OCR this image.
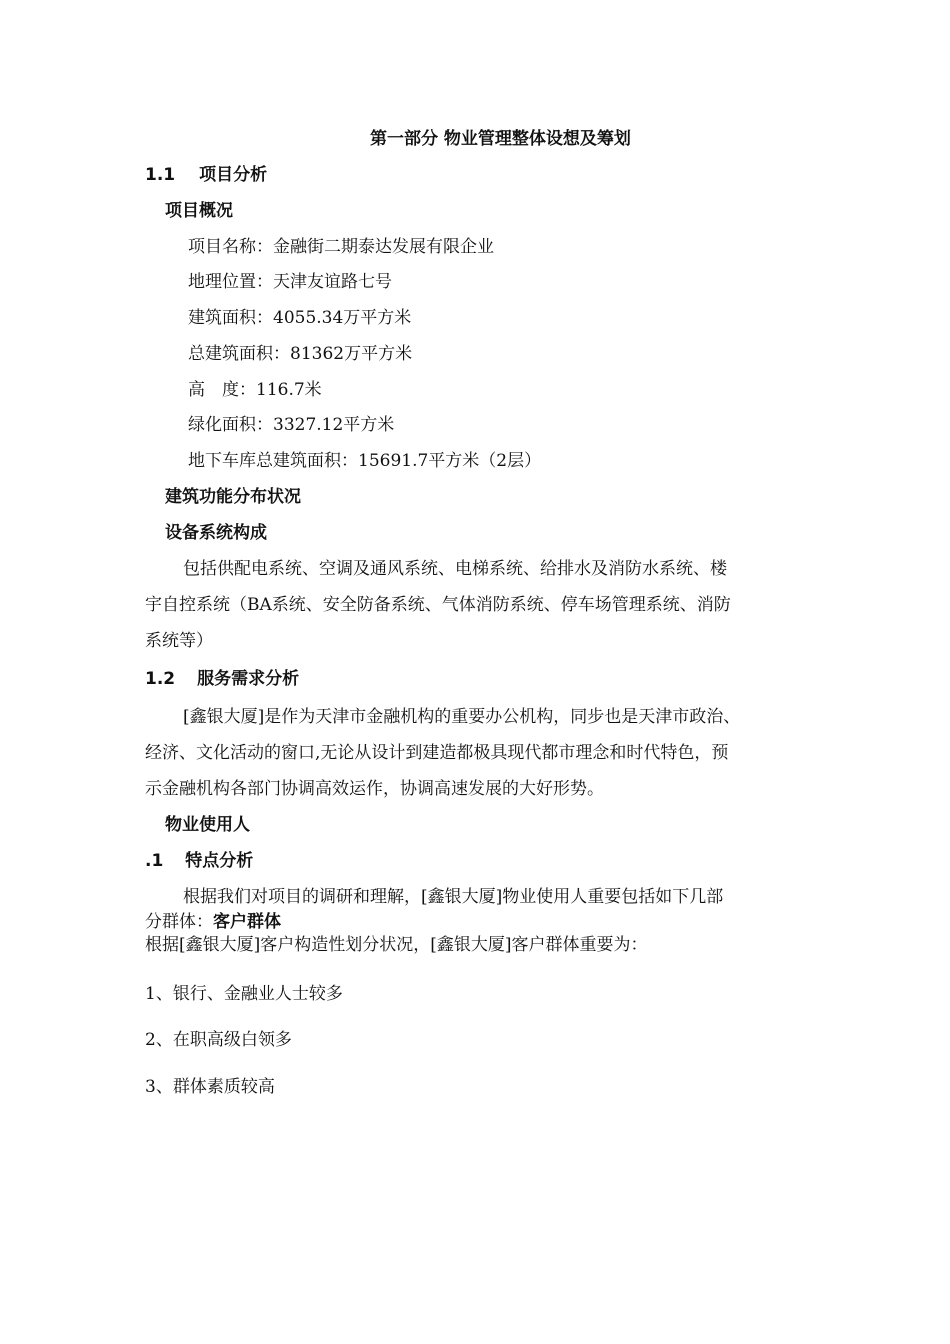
第一部分 物业管理整体设想及筹划
1.1 项目分析
项目概况
项目名称：金融街二期泰达发展有限企业
地理位置：天津友谊路七号
建筑面积：4055.34万平方米
总建筑面积：81362万平方米
高　度：116.7米
绿化面积：3327.12平方米
地下车库总建筑面积：15691.7平方米（2层）
建筑功能分布状况
设备系统构成
包括供配电系统、空调及通风系统、电梯系统、给排水及消防水系统、楼
宇自控系统（BA系统、安全防备系统、气体消防系统、停车场管理系统、消防
系统等）
1.2 服务需求分析
[鑫银大厦]是作为天津市金融机构的重要办公机构，同步也是天津市政治、
经济、文化活动的窗口,无论从设计到建造都极具现代都市理念和时代特色，预
示金融机构各部门协调高效运作，协调高速发展的大好形势。
物业使用人
.1 特点分析
根据我们对项目的调研和理解，[鑫银大厦]物业使用人重要包括如下几部
分群体：客户群体
根据[鑫银大厦]客户构造性划分状况，[鑫银大厦]客户群体重要为：
1、银行、金融业人士较多
2、在职高级白领多
3、群体素质较高
